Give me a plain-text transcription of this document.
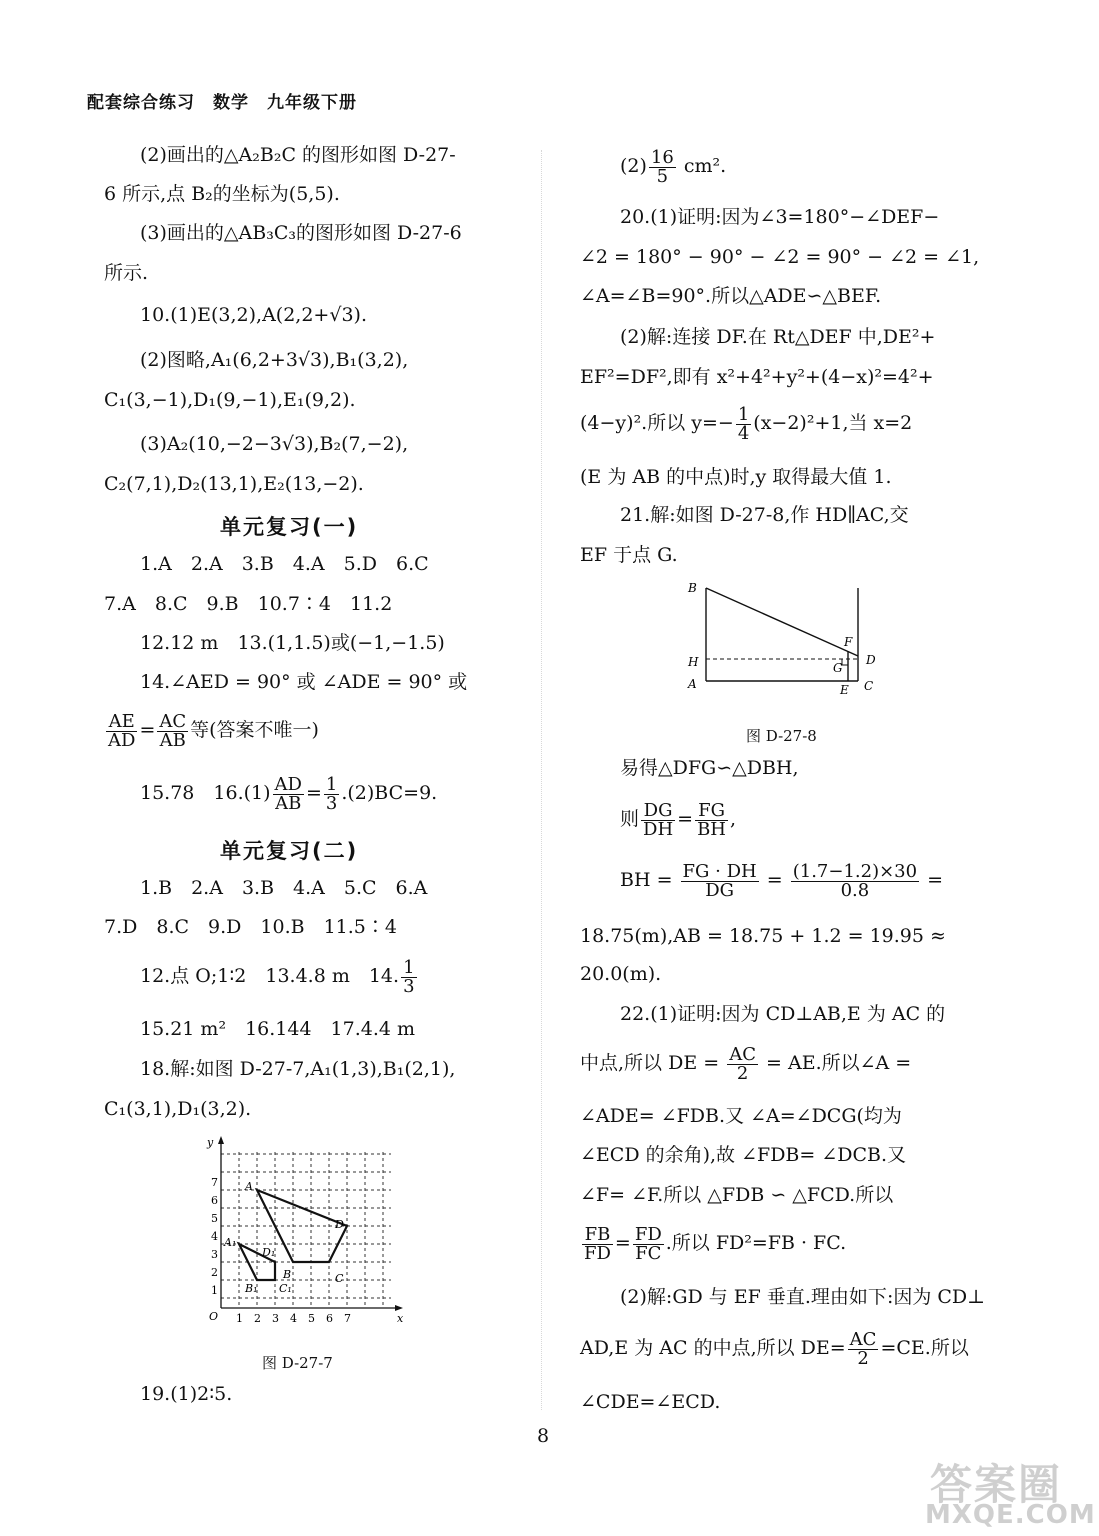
配套综合练习　数学　九年级下册
(2)画出的△A₂B₂C 的图形如图 D-27-
6 所示,点 B₂的坐标为(5,5).
(3)画出的△AB₃C₃的图形如图 D-27-6
所示.
10.(1)E(3,2),A(2,2+√3).
(2)图略,A₁(6,2+3√3),B₁(3,2),
C₁(3,−1),D₁(9,−1),E₁(9,2).
(3)A₂(10,−2−3√3),B₂(7,−2),
C₂(7,1),D₂(13,1),E₂(13,−2).
单元复习(一)
1.A　2.A　3.B　4.A　5.D　6.C
7.A　8.C　9.B　10.7∶4　11.2
12.12 m　13.(1,1.5)或(−1,−1.5)
14.∠AED = 90° 或 ∠ADE = 90° 或
$\frac{AE}{AD} = \frac{AC}{AB}$ 等(答案不唯一)
15.78　$16.(1) \frac{AD}{AB} = \frac{1}{3} .(2)BC=9$.
单元复习(二)
1.B　2.A　3.B　4.A　5.C　6.A
7.D　8.C　9.D　10.B　11.5∶4
12.点 O;1∶2　13.4.8 m　14. $\frac{1}{3}$
15.21 m²　16.144　17.4.4 m
18.解:如图 D-27-7,A₁(1,3),B₁(2,1),
C₁(3,1),D₁(3,2).
y
x
O
A
D
B	C
A₁
D₁
B₁ C₁
1 2 3 4 5 6 7
1
2
3
4
5
6
7
图 D-27-7
19.(1)2∶5.
$(2) \frac{16}{5} cm^2$.
20.(1)证明:因为∠3=180°−∠DEF−
∠2 = 180° − 90° − ∠2 = 90° − ∠2 = ∠1,
∠A=∠B=90°.所以△ADE∽△BEF.
(2)解:连接 DF.在 Rt△DEF 中,DE²+
EF²=DF²,即有 x²+4²+y²+(4−x)²=4²+
(4−y)².所以 $y=- \frac{1}{4} (x-2)^2+1$,当 x=2
(E 为 AB 的中点)时,y 取得最大值 1.
21.解:如图 D-27-8,作 HD∥AC,交
EF 于点 G.
B
H
A
F
G
D
E C
图 D-27-8
易得△DFG∽△DBH,
则 $\frac{DG}{DH} = \frac{FG}{BH}$ ,
BH = $\frac{FG \cdot DH}{DG} = \frac{(1.7-1.2)\times 30}{0.8}$ =
18.75(m),AB = 18.75 + 1.2 = 19.95 ≈
20.0(m).
22.(1)证明:因为 CD⊥AB,E 为 AC 的
中点,所以 DE = $\frac{AC}{2}$ = AE.所以∠A =
∠ADE= ∠FDB.又 ∠A=∠DCG(均为
∠ECD 的余角),故 ∠FDB= ∠DCB.又
∠F= ∠F.所以 △FDB ∽ △FCD.所以
$\frac{FB}{FD} = \frac{FD}{FC}$ .所以 FD²=FB · FC.
(2)解:GD 与 EF 垂直.理由如下:因为 CD⊥
AD,E 为 AC 的中点,所以 $DE= \frac{AC}{2} =CE$.所以
∠CDE=∠ECD.
8
答案圈
MXQE.COM
